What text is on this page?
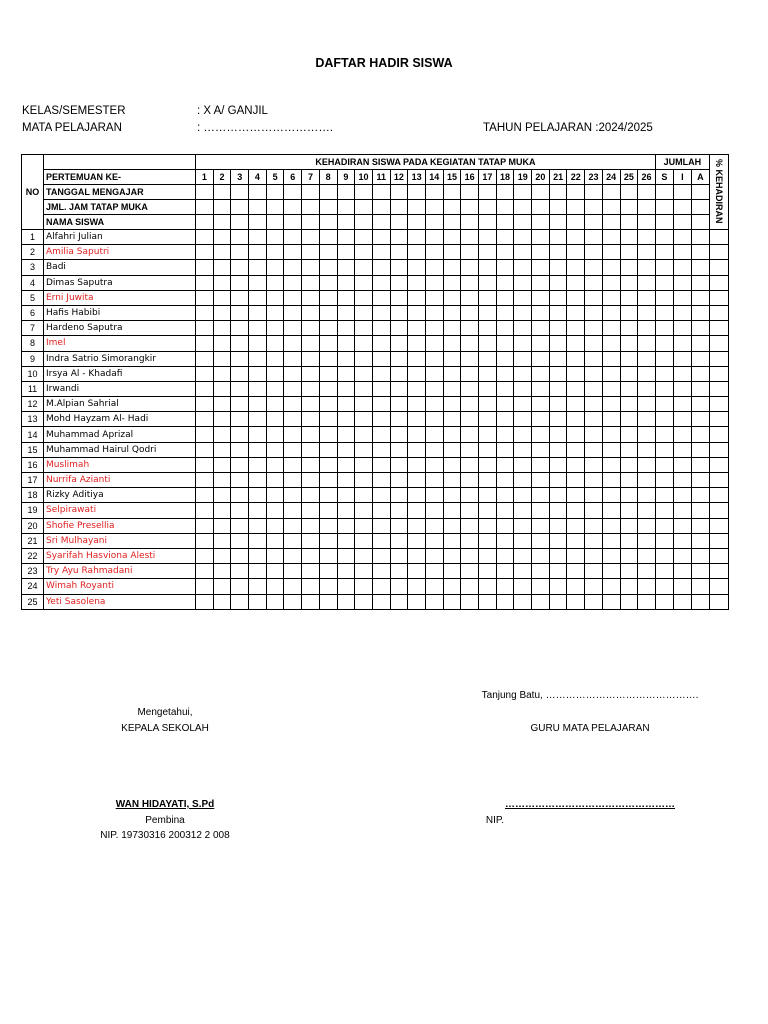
DAFTAR HADIR SISWA
KELAS/SEMESTER	: X A/ GANJIL
MATA PELAJARAN	: …………………………….	TAHUN PELAJARAN :2024/2025
NO		KEHADIRAN SISWA PADA KEGIATAN TATAP MUKA																										JUMLAH			% KEHADIRAN
	PERTEMUAN KE-	1	2	3	4	5	6	7	8	9	10	11	12	13	14	15	16	17	18	19	20	21	22	23	24	25	26	S	I	A	
	TANGGAL MENGAJAR																														
	JML. JAM TATAP MUKA																														
	NAMA SISWA																														
1	Alfahri Julian																														
2	Amilia Saputri																														
3	Badi																														
4	Dimas Saputra																														
5	Erni Juwita																														
6	Hafis Habibi																														
7	Hardeno Saputra																														
8	Imel																														
9	Indra Satrio Simorangkir																														
10	Irsya Al - Khadafi																														
11	Irwandi																														
12	M.Alpian Sahrial																														
13	Mohd Hayzam Al- Hadi																														
14	Muhammad Aprizal																														
15	Muhammad Hairul Qodri																														
16	Muslimah																														
17	Nurrifa Azianti																														
18	Rizky Aditiya																														
19	Selpirawati																														
20	Shofie Presellia																														
21	Sri Mulhayani																														
22	Syarifah Hasviona Alesti																														
23	Try Ayu Rahmadani																														
24	Wimah Royanti																														
25	Yeti Sasolena																														
Tanjung Batu, ……………………………………….
Mengetahui,
KEPALA SEKOLAH	GURU MATA PELAJARAN
WAN HIDAYATI, S.Pd	……………………………………………
Pembina	NIP.
NIP. 19730316 200312 2 008
